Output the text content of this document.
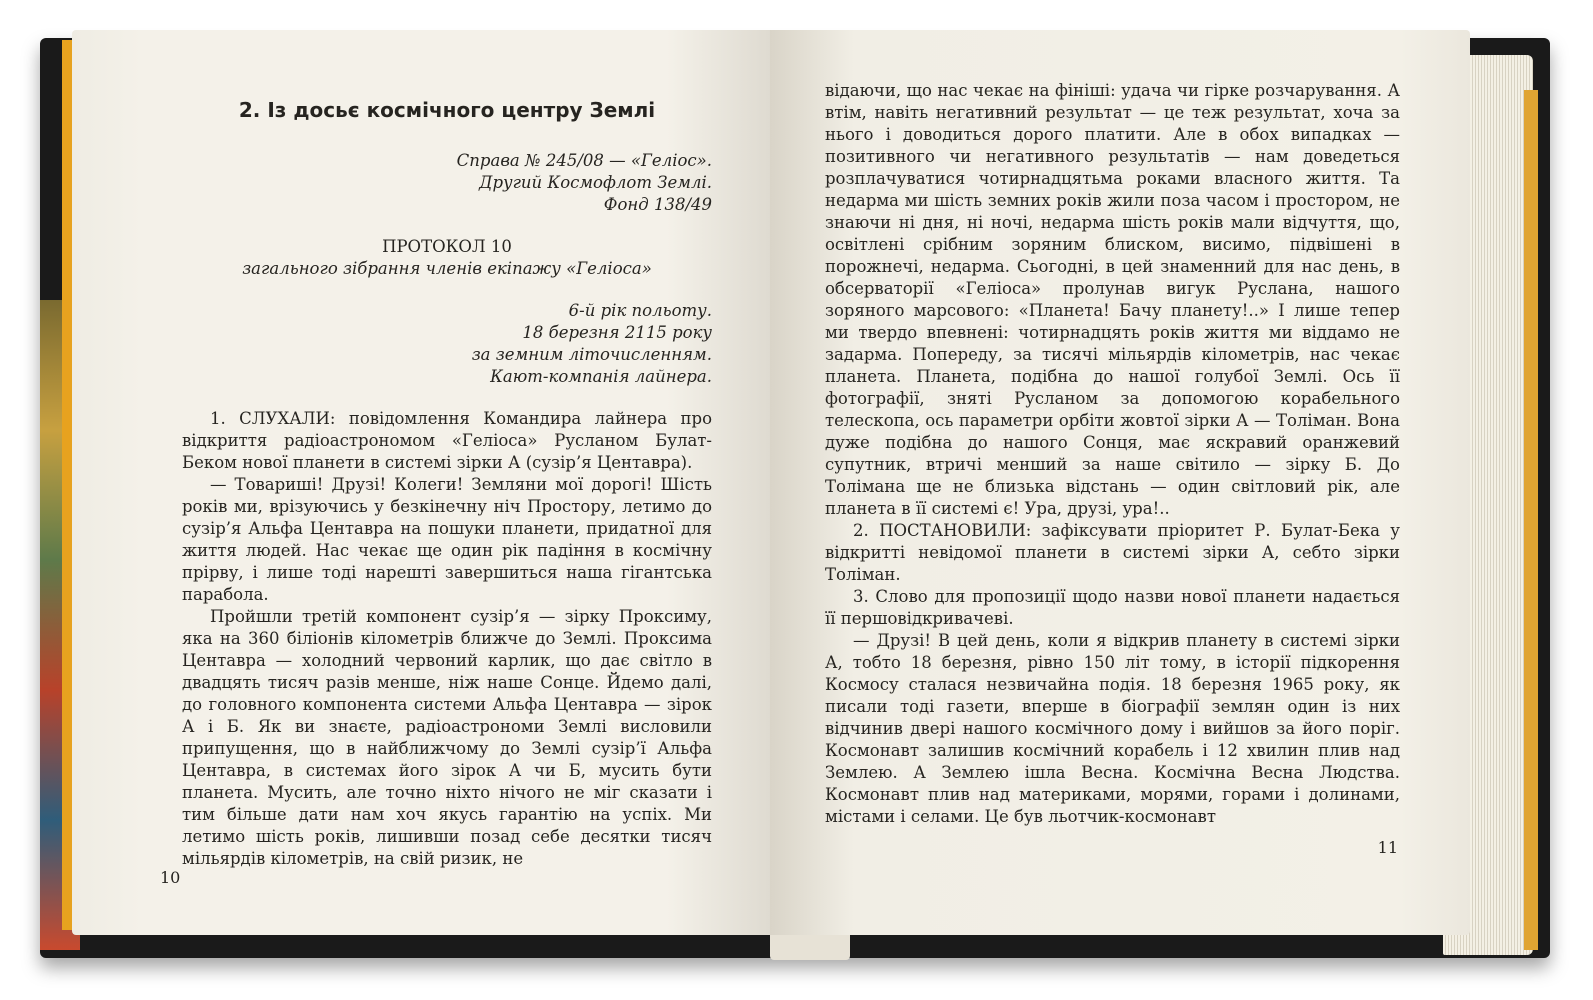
2. Із досьє космічного центру Землі

Справа № 245/08 — «Геліос».

Другий Космофлот Землі.

Фонд 138/49

ПРОТОКОЛ 10

загального зібрання членів екіпажу «Геліоса»

6-й рік польоту.

18 березня 2115 року

за земним літочисленням.

Кают-компанія лайнера.

1. СЛУХАЛИ: повідомлення Командира лайнера про відкриття радіоастрономом «Геліоса» Русланом Булат-Беком нової планети в системі зірки А (сузір’я Центавра).

— Товариші! Друзі! Колеги! Земляни мої дорогі! Шість років ми, врізуючись у безкінечну ніч Простору, летимо до сузір’я Альфа Центавра на пошуки планети, придатної для життя людей. Нас чекає ще один рік падіння в космічну прірву, і лише тоді нарешті завершиться наша гігантська парабола.

Пройшли третій компонент сузір’я — зірку Проксиму, яка на 360 біліонів кілометрів ближче до Землі. Проксима Центавра — холодний червоний карлик, що дає світло в двадцять тисяч разів менше, ніж наше Сонце. Йдемо далі, до головного компонента системи Альфа Центавра — зірок А і Б. Як ви знаєте, радіоастрономи Землі висловили припущення, що в найближчому до Землі сузір’ї Альфа Центавра, в системах його зірок А чи Б, мусить бути планета. Мусить, але точно ніхто нічого не міг сказати і тим більше дати нам хоч якусь гарантію на успіх. Ми летимо шість років, лишивши позад себе десятки тисяч мільярдів кілометрів, на свій ризик, не

10

відаючи, що нас чекає на фініші: удача чи гірке розчарування. А втім, навіть негативний результат — це теж результат, хоча за нього і доводиться дорого платити. Але в обох випадках — позитивного чи негативного результатів — нам доведеться розплачуватися чотирнадцятьма роками власного життя. Та недарма ми шість земних років жили поза часом і простором, не знаючи ні дня, ні ночі, недарма шість років мали відчуття, що, освітлені срібним зоряним блиском, висимо, підвішені в порожнечі, недарма. Сьогодні, в цей знаменний для нас день, в обсерваторії «Геліоса» пролунав вигук Руслана, нашого зоряного марсового: «Планета! Бачу планету!..» І лише тепер ми твердо впевнені: чотирнадцять років життя ми віддамо не задарма. Попереду, за тисячі мільярдів кілометрів, нас чекає планета. Планета, подібна до нашої голубої Землі. Ось її фотографії, зняті Русланом за допомогою корабельного телескопа, ось параметри орбіти жовтої зірки А — Толіман. Вона дуже подібна до нашого Сонця, має яскравий оранжевий супутник, втричі менший за наше світило — зірку Б. До Толімана ще не близька відстань — один світловий рік, але планета в її системі є! Ура, друзі, ура!..

2. ПОСТАНОВИЛИ: зафіксувати пріоритет Р. Булат-Бека у відкритті невідомої планети в системі зірки А, себто зірки Толіман.

3. Слово для пропозиції щодо назви нової планети надається її першовідкривачеві.

— Друзі! В цей день, коли я відкрив планету в системі зірки А, тобто 18 березня, рівно 150 літ тому, в історії підкорення Космосу сталася незвичайна подія. 18 березня 1965 року, як писали тоді газети, вперше в біографії землян один із них відчинив двері нашого космічного дому і вийшов за його поріг. Космонавт залишив космічний корабель і 12 хвилин плив над Землею. А Землею ішла Весна. Космічна Весна Людства. Космонавт плив над материками, морями, горами і долинами, містами і селами. Це був льотчик-космонавт

11
